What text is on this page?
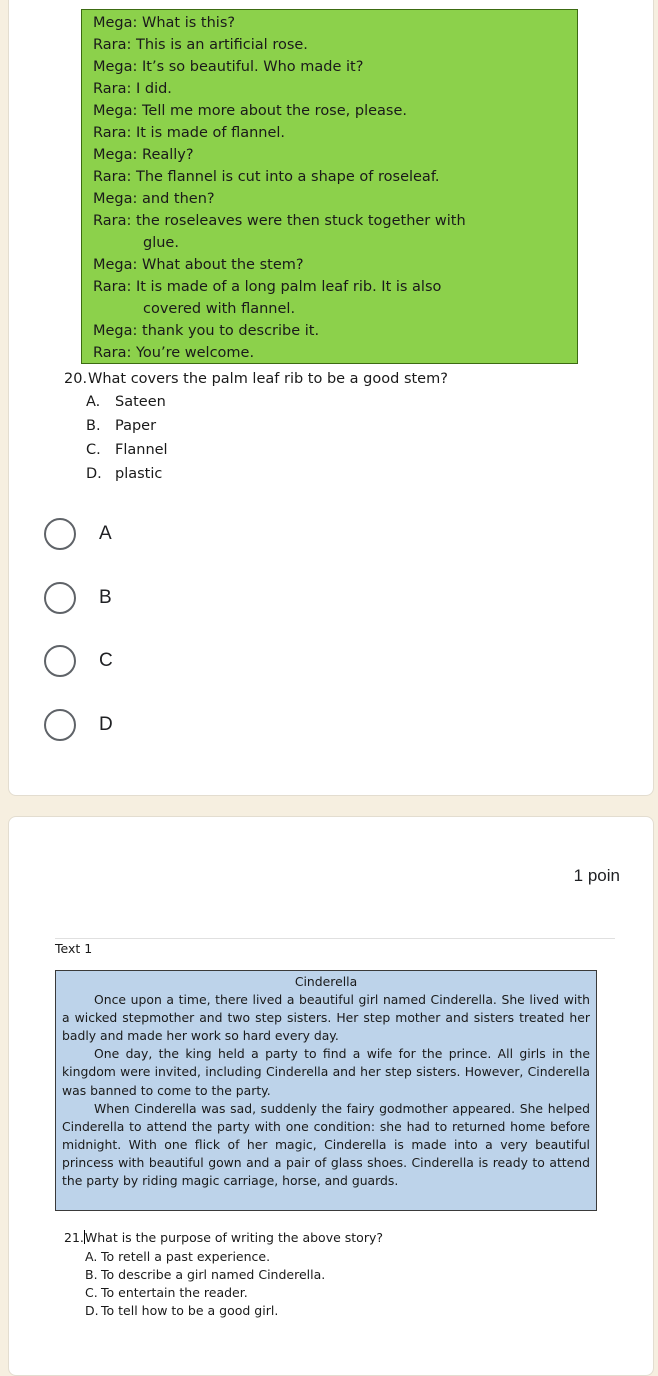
Mega: What is this?
Rara: This is an artificial rose.
Mega: It’s so beautiful. Who made it?
Rara: I did.
Mega: Tell me more about the rose, please.
Rara: It is made of flannel.
Mega: Really?
Rara: The flannel is cut into a shape of roseleaf.
Mega: and then?
Rara: the roseleaves were then stuck together with
glue.
Mega: What about the stem?
Rara: It is made of a long palm leaf rib. It is also
covered with flannel.
Mega: thank you to describe it.
Rara: You’re welcome.
20.What covers the palm leaf rib to be a good stem?
A. Sateen
B. Paper
C. Flannel
D. plastic
A
B
C
D
1 poin
Text 1
Cinderella

Once upon a time, there lived a beautiful girl named Cinderella. She lived with a wicked stepmother and two step sisters. Her step mother and sisters treated her badly and made her work so hard every day.

One day, the king held a party to find a wife for the prince. All girls in the kingdom were invited, including Cinderella and her step sisters. However, Cinderella was banned to come to the party.

When Cinderella was sad, suddenly the fairy godmother appeared. She helped Cinderella to attend the party with one condition: she had to returned home before midnight. With one flick of her magic, Cinderella is made into a very beautiful princess with beautiful gown and a pair of glass shoes. Cinderella is ready to attend the party by riding magic carriage, horse, and guards.

21.What is the purpose of writing the above story?
A. To retell a past experience.
B. To describe a girl named Cinderella.
C. To entertain the reader.
D. To tell how to be a good girl.
